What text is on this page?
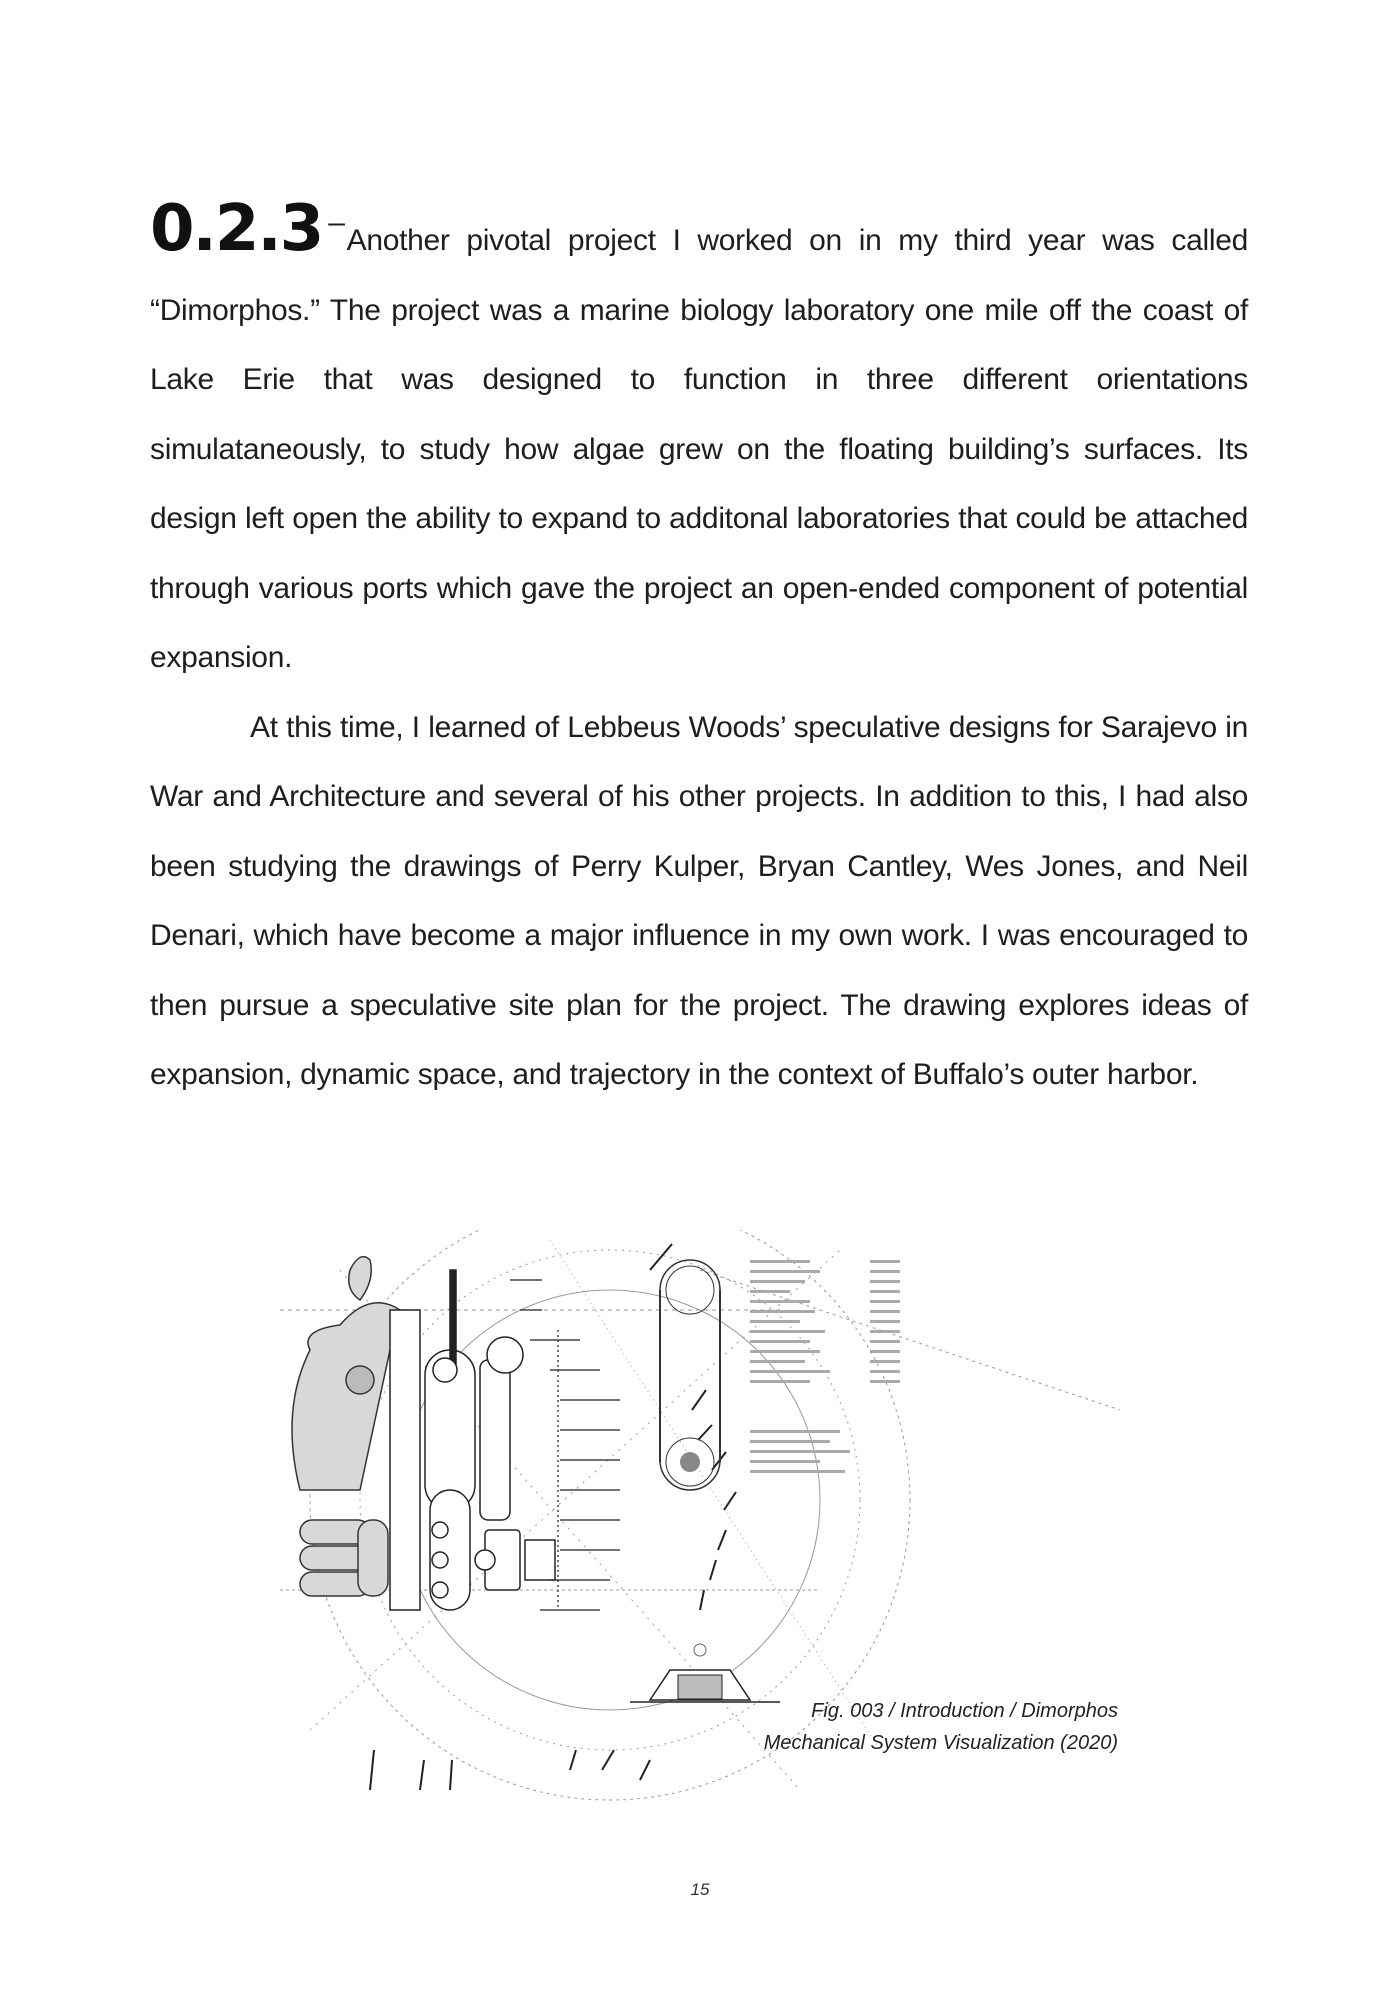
0.2.3 –Another pivotal project I worked on in my third year was called “Dimorphos.” The project was a marine biology laboratory one mile off the coast of Lake Erie that was designed to function in three different orientations simulataneously, to study how algae grew on the floating building’s surfaces. Its design left open the ability to expand to additonal laboratories that could be attached through various ports which gave the project an open-ended component of potential expansion.

At this time, I learned of Lebbeus Woods’ speculative designs for Sarajevo in War and Architecture and several of his other projects. In addition to this, I had also been studying the drawings of Perry Kulper, Bryan Cantley, Wes Jones, and Neil Denari, which have become a major influence in my own work. I was encouraged to then pursue a speculative site plan for the project. The drawing explores ideas of expansion, dynamic space, and trajectory in the context of Buffalo’s outer harbor.

Fig. 003 / Introduction / Dimorphos
Mechanical System Visualization (2020)
15
